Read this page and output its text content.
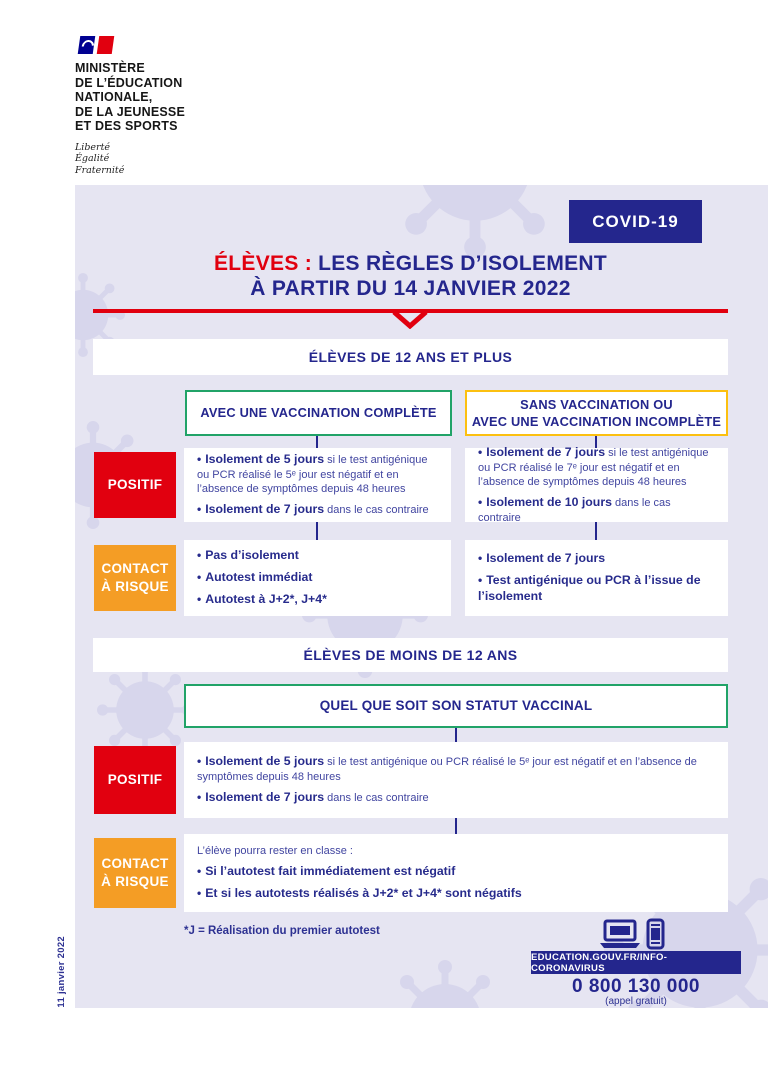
MINISTÈRE
DE L’ÉDUCATION
NATIONALE,
DE LA JEUNESSE
ET DES SPORTS
Liberté
Égalité
Fraternité
COVID-19
ÉLÈVES : LES RÈGLES D’ISOLEMENT
À PARTIR DU 14 JANVIER 2022
ÉLÈVES DE 12 ANS ET PLUS
AVEC UNE VACCINATION COMPLÈTE
SANS VACCINATION OU
AVEC UNE VACCINATION INCOMPLÈTE
POSITIF
• Isolement de 5 jours si le test antigénique ou PCR réalisé le 5ᵉ jour est négatif et en l’absence de symptômes depuis 48 heures
• Isolement de 7 jours dans le cas contraire
• Isolement de 7 jours si le test antigénique ou PCR réalisé le 7ᵉ jour est négatif et en l’absence de symptômes depuis 48 heures
• Isolement de 10 jours dans le cas contraire
CONTACT
À RISQUE
• Pas d’isolement
• Autotest immédiat
• Autotest à J+2*, J+4*
• Isolement de 7 jours
• Test antigénique ou PCR à l’issue de l’isolement
ÉLÈVES DE MOINS DE 12 ANS
QUEL QUE SOIT SON STATUT VACCINAL
POSITIF
• Isolement de 5 jours si le test antigénique ou PCR réalisé le 5ᵉ jour est négatif et en l’absence de symptômes depuis 48 heures
• Isolement de 7 jours dans le cas contraire
CONTACT
À RISQUE
L’élève pourra rester en classe :
• Si l’autotest fait immédiatement est négatif
• Et si les autotests réalisés à J+2* et J+4* sont négatifs
*J = Réalisation du premier autotest
EDUCATION.GOUV.FR/INFO-CORONAVIRUS
0 800 130 000
(appel gratuit)
11 janvier 2022
